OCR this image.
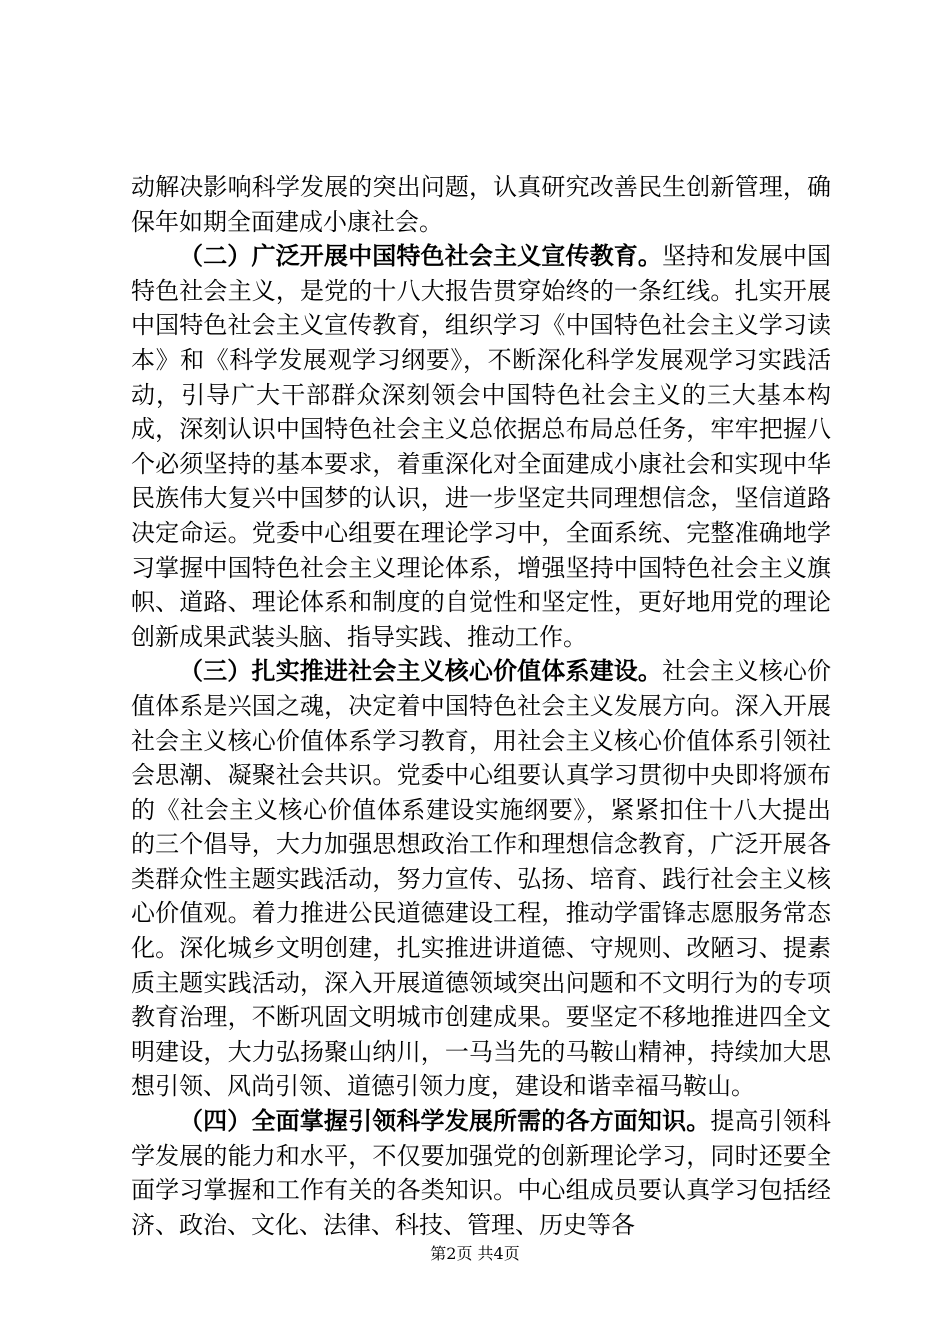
动解决影响科学发展的突出问题，认真研究改善民生创新管理，确保年如期全面建成小康社会。

（二）广泛开展中国特色社会主义宣传教育。坚持和发展中国特色社会主义，是党的十八大报告贯穿始终的一条红线。扎实开展中国特色社会主义宣传教育，组织学习《中国特色社会主义学习读本》和《科学发展观学习纲要》，不断深化科学发展观学习实践活动，引导广大干部群众深刻领会中国特色社会主义的三大基本构成，深刻认识中国特色社会主义总依据总布局总任务，牢牢把握八个必须坚持的基本要求，着重深化对全面建成小康社会和实现中华民族伟大复兴中国梦的认识，进一步坚定共同理想信念，坚信道路决定命运。党委中心组要在理论学习中，全面系统、完整准确地学习掌握中国特色社会主义理论体系，增强坚持中国特色社会主义旗帜、道路、理论体系和制度的自觉性和坚定性，更好地用党的理论创新成果武装头脑、指导实践、推动工作。

（三）扎实推进社会主义核心价值体系建设。社会主义核心价值体系是兴国之魂，决定着中国特色社会主义发展方向。深入开展社会主义核心价值体系学习教育，用社会主义核心价值体系引领社会思潮、凝聚社会共识。党委中心组要认真学习贯彻中央即将颁布的《社会主义核心价值体系建设实施纲要》，紧紧扣住十八大提出的三个倡导，大力加强思想政治工作和理想信念教育，广泛开展各类群众性主题实践活动，努力宣传、弘扬、培育、践行社会主义核心价值观。着力推进公民道德建设工程，推动学雷锋志愿服务常态化。深化城乡文明创建，扎实推进讲道德、守规则、改陋习、提素质主题实践活动，深入开展道德领域突出问题和不文明行为的专项教育治理，不断巩固文明城市创建成果。要坚定不移地推进四全文明建设，大力弘扬聚山纳川，一马当先的马鞍山精神，持续加大思想引领、风尚引领、道德引领力度，建设和谐幸福马鞍山。

（四）全面掌握引领科学发展所需的各方面知识。提高引领科学发展的能力和水平，不仅要加强党的创新理论学习，同时还要全面学习掌握和工作有关的各类知识。中心组成员要认真学习包括经济、政治、文化、法律、科技、管理、历史等各

第2页 共4页
